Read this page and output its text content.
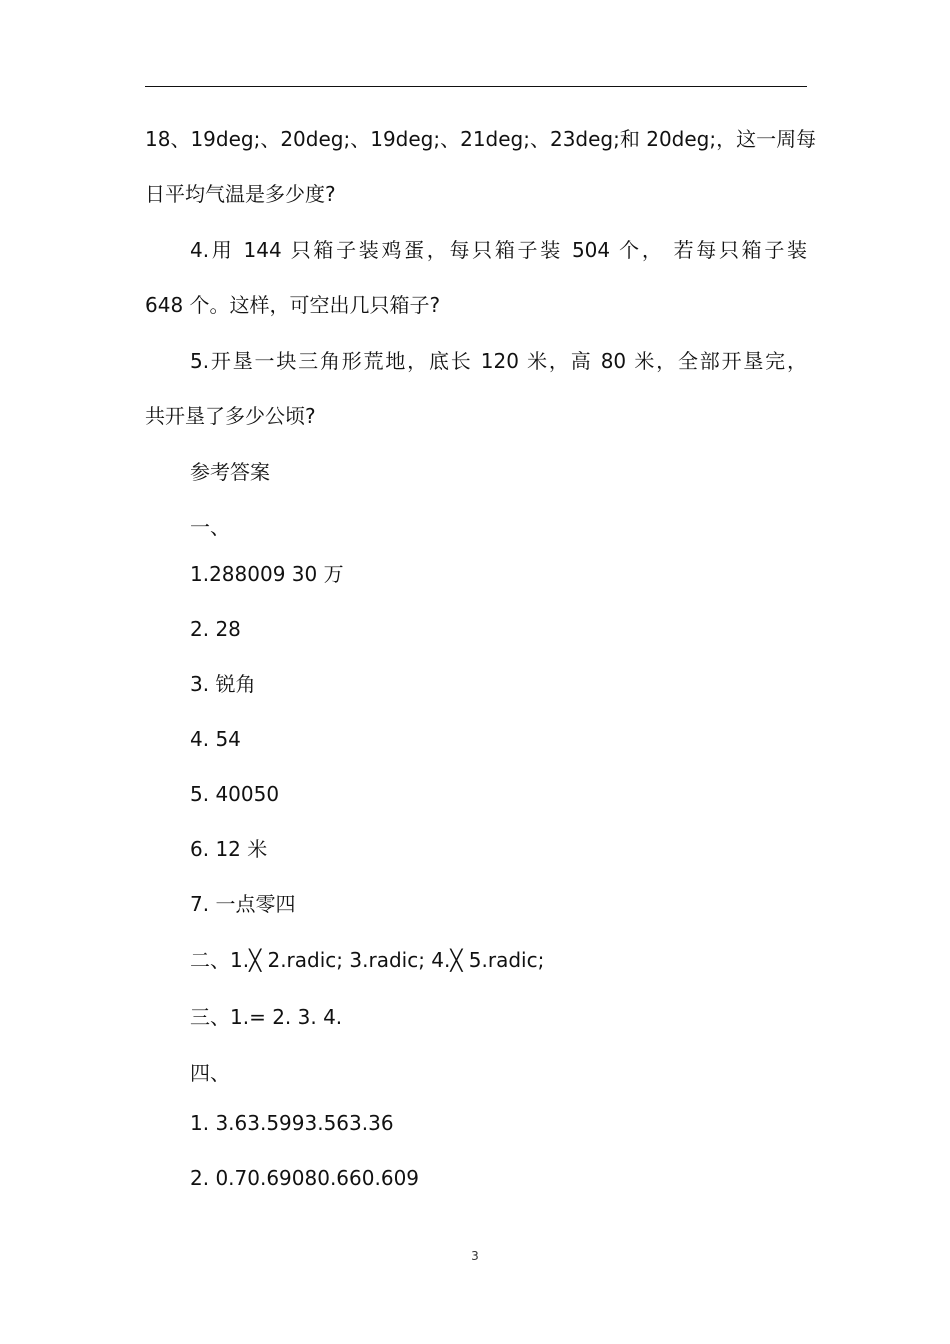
18、19deg;、20deg;、19deg;、21deg;、23deg;和 20deg;，这一周每
日平均气温是多少度?
4.用 144 只箱子装鸡蛋，每只箱子装 504 个， 若每只箱子装
648 个。这样，可空出几只箱子?
5.开垦一块三角形荒地，底长 120 米，高 80 米，全部开垦完，
共开垦了多少公顷?
参考答案
一、
1.288009 30 万
2. 28
3. 锐角
4. 54
5. 40050
6. 12 米
7. 一点零四
二、1.╳ 2.radic; 3.radic; 4.╳ 5.radic;
三、1.= 2. 3. 4.
四、
1. 3.63.5993.563.36
2. 0.70.69080.660.609
3
